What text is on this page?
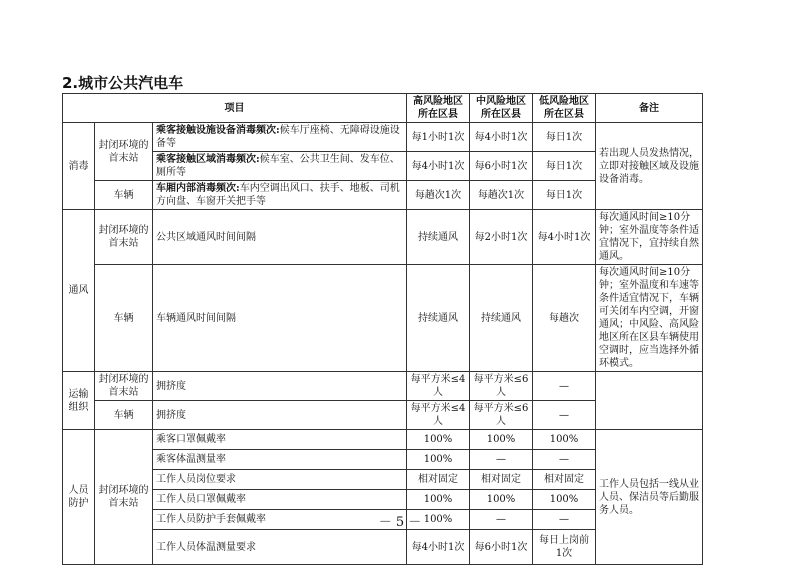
2.城市公共汽电车
项目			高风险地区所在区县	中风险地区所在区县	低风险地区所在区县	备注
消毒	封闭环境的首末站	乘客接触设施设备消毒频次:候车厅座椅、无障碍设施设备等	每1小时1次	每4小时1次	每日1次	若出现人员发热情况，立即对接触区域及设施设备消毒。
		乘客接触区域消毒频次:候车室、公共卫生间、发车位、厕所等	每4小时1次	每6小时1次	每日1次	
	车辆	车厢内部消毒频次:车内空调出风口、扶手、地板、司机方向盘、车窗开关把手等	每趟次1次	每趟次1次	每日1次	
通风	封闭环境的首末站	公共区域通风时间间隔	持续通风	每2小时1次	每4小时1次	每次通风时间≥10分钟；室外温度等条件适宜情况下，宜持续自然通风。
	车辆	车辆通风时间间隔	持续通风	持续通风	每趟次	每次通风时间≥10分钟；室外温度和车速等条件适宜情况下，车辆可关闭车内空调，开窗通风；中风险、高风险地区所在区县车辆使用空调时，应当选择外循环模式。
运输组织	封闭环境的首末站	拥挤度	每平方米≤4人	每平方米≤6人	—	
	车辆	拥挤度	每平方米≤4人	每平方米≤6人	—	
人员防护	封闭环境的首末站	乘客口罩佩戴率	100%	100%	100%	工作人员包括一线从业人员、保洁员等后勤服务人员。
		乘客体温测量率	100%	—	—	
		工作人员岗位要求	相对固定	相对固定	相对固定	
		工作人员口罩佩戴率	100%	100%	100%	
		工作人员防护手套佩戴率	100%	—	—	
		工作人员体温测量要求	每4小时1次	每6小时1次	每日上岗前1次	
－ 5 －
